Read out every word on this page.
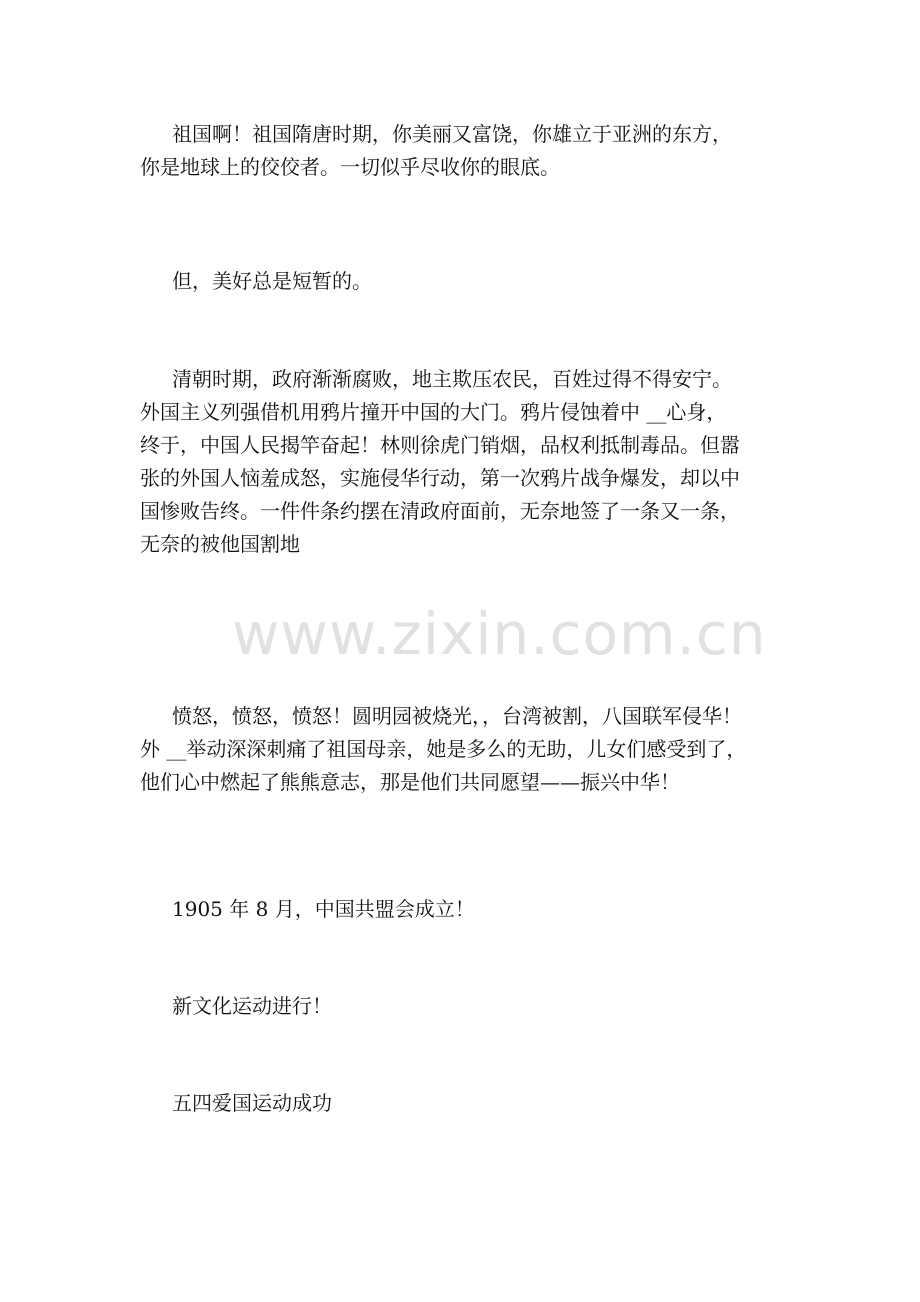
祖国啊！祖国隋唐时期，你美丽又富饶，你雄立于亚洲的东方，
你是地球上的佼佼者。一切似乎尽收你的眼底。
但，美好总是短暂的。
清朝时期，政府渐渐腐败，地主欺压农民，百姓过得不得安宁。
外国主义列强借机用鸦片撞开中国的大门。鸦片侵蚀着中 __心身，
终于，中国人民揭竿奋起！林则徐虎门销烟，品权利抵制毒品。但嚣
张的外国人恼羞成怒，实施侵华行动，第一次鸦片战争爆发，却以中
国惨败告终。一件件条约摆在清政府面前，无奈地签了一条又一条，
无奈的被他国割地
愤怒，愤怒，愤怒！圆明园被烧光，，台湾被割，八国联军侵华！
外 __举动深深刺痛了祖国母亲，她是多么的无助，儿女们感受到了，
他们心中燃起了熊熊意志，那是他们共同愿望——振兴中华！
1905 年 8 月，中国共盟会成立！
新文化运动进行！
五四爱国运动成功
www.zixin.com.cn
